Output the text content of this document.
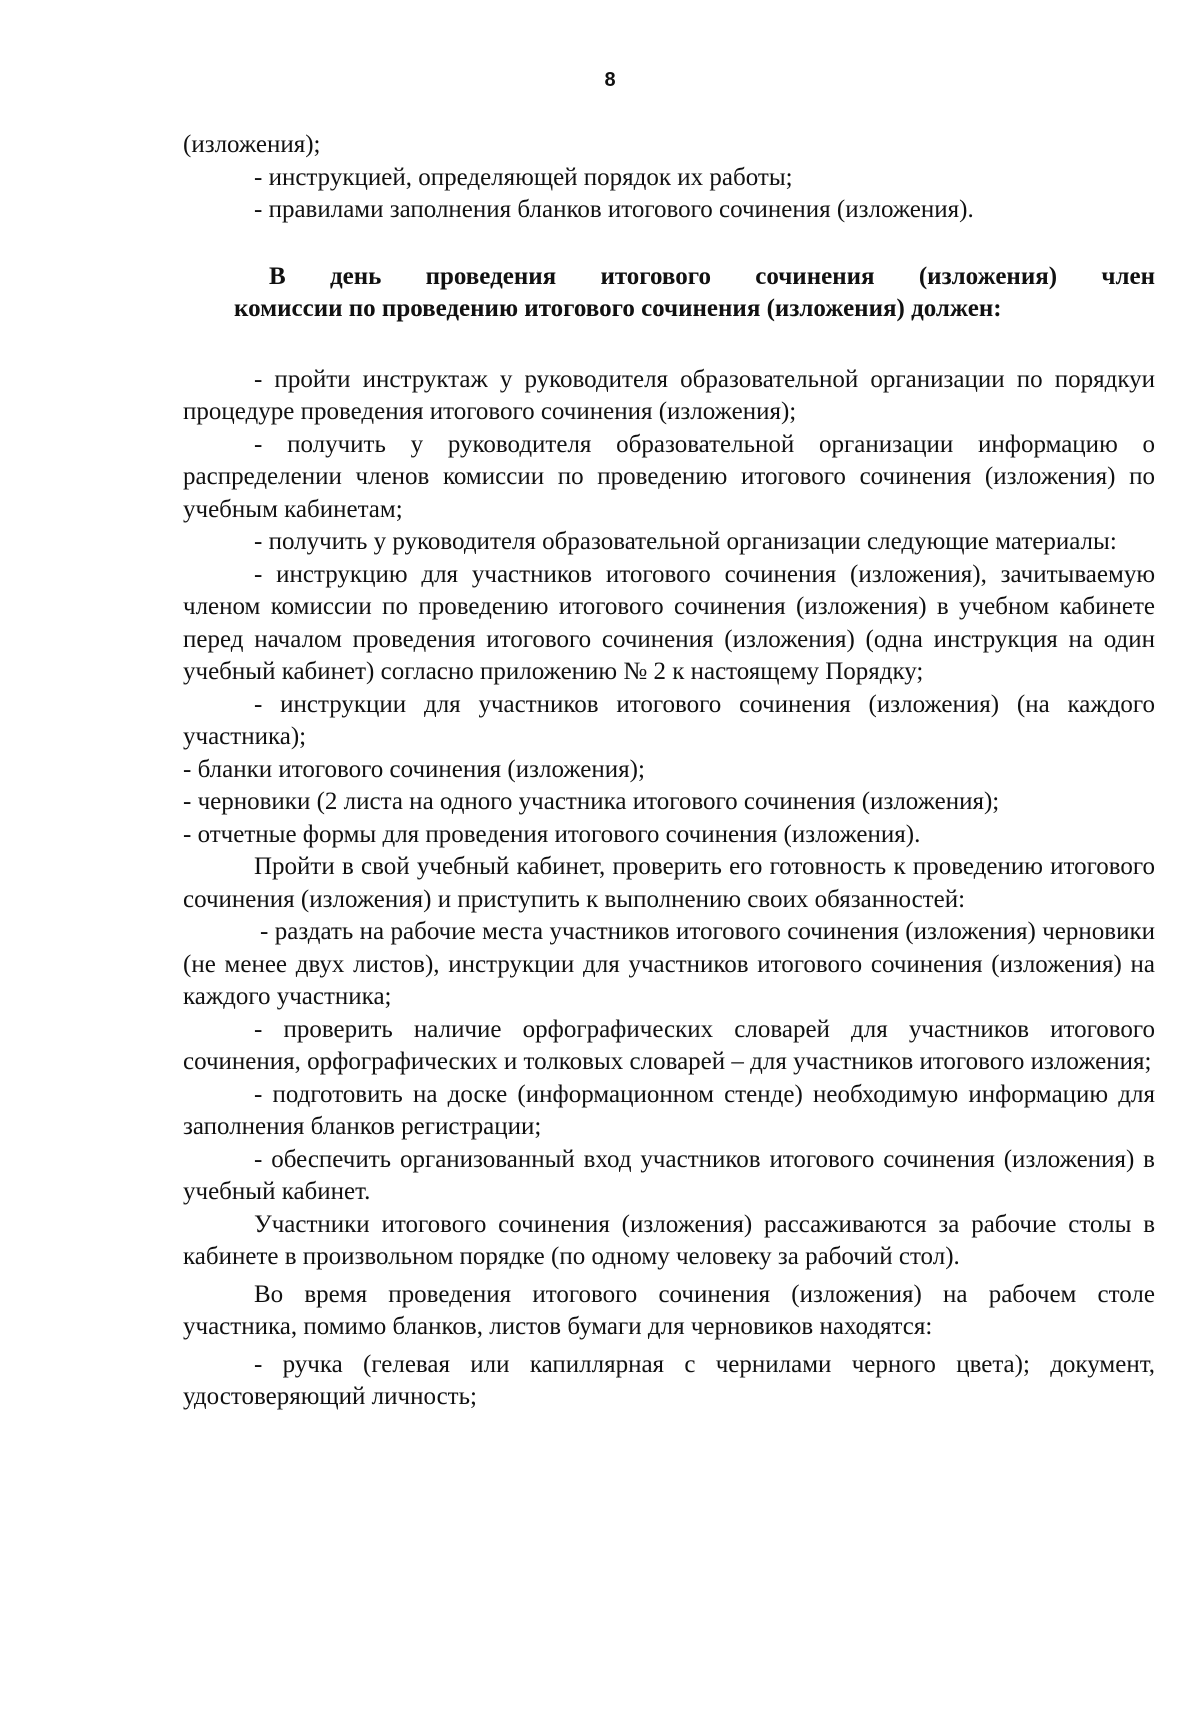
8

(изложения);

- инструкцией, определяющей порядок их работы;

- правилами заполнения бланков итогового сочинения (изложения).

В день проведения итогового сочинения (изложения) член
комиссии по проведению итогового сочинения (изложения) должен:

- пройти инструктаж у руководителя образовательной организации по порядкуи процедуре проведения итогового сочинения (изложения);

- получить у руководителя образовательной организации информацию о распределении членов комиссии по проведению итогового сочинения (изложения) по учебным кабинетам;

- получить у руководителя образовательной организации следующие материалы:

- инструкцию для участников итогового сочинения (изложения), зачитываемую членом комиссии по проведению итогового сочинения (изложения) в учебном кабинете перед началом проведения итогового сочинения (изложения) (одна инструкция на один учебный кабинет) согласно приложению № 2 к настоящему Порядку;

- инструкции для участников итогового сочинения (изложения) (на каждого участника);

- бланки итогового сочинения (изложения);

- черновики (2 листа на одного участника итогового сочинения (изложения);

- отчетные формы для проведения итогового сочинения (изложения).

Пройти в свой учебный кабинет, проверить его готовность к проведению итогового сочинения (изложения) и приступить к выполнению своих обязанностей:

- раздать на рабочие места участников итогового сочинения (изложения) черновики (не менее двух листов), инструкции для участников итогового сочинения (изложения) на каждого участника;

- проверить наличие орфографических словарей для участников итогового сочинения, орфографических и толковых словарей – для участников итогового изложения;

- подготовить на доске (информационном стенде) необходимую информацию для заполнения бланков регистрации;

- обеспечить организованный вход участников итогового сочинения (изложения) в учебный кабинет.

Участники итогового сочинения (изложения) рассаживаются за рабочие столы в кабинете в произвольном порядке (по одному человеку за рабочий стол).

Во время проведения итогового сочинения (изложения) на рабочем столе участника, помимо бланков, листов бумаги для черновиков находятся:

- ручка (гелевая или капиллярная с чернилами черного цвета); документ, удостоверяющий личность;
